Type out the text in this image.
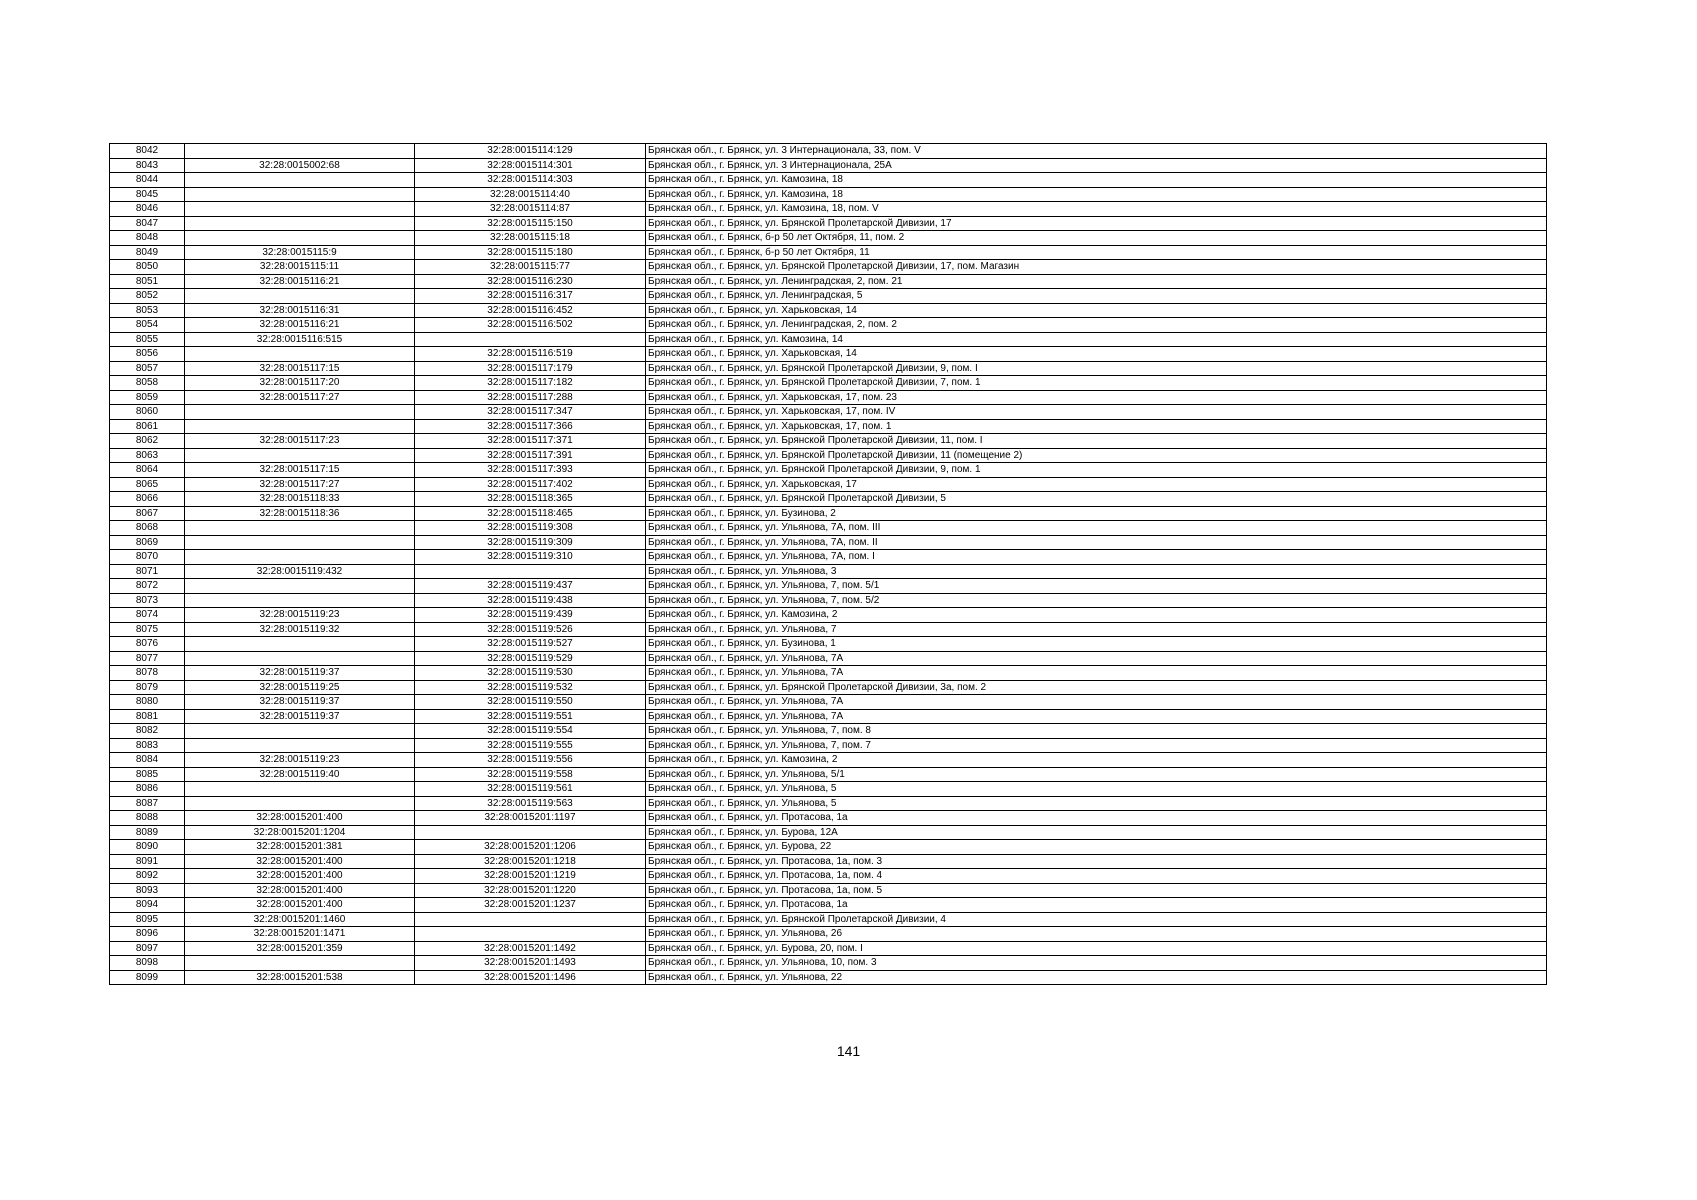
8042		32:28:0015114:129	Брянская обл., г. Брянск, ул. 3 Интернационала, 33, пом. V
8043	32:28:0015002:68	32:28:0015114:301	Брянская обл., г. Брянск, ул. 3 Интернационала, 25А
8044		32:28:0015114:303	Брянская обл., г. Брянск, ул. Камозина, 18
8045		32:28:0015114:40	Брянская обл., г. Брянск, ул. Камозина, 18
8046		32:28:0015114:87	Брянская обл., г. Брянск, ул. Камозина, 18, пом. V
8047		32:28:0015115:150	Брянская обл., г. Брянск, ул. Брянской Пролетарской Дивизии, 17
8048		32:28:0015115:18	Брянская обл., г. Брянск, б-р 50 лет Октября, 11, пом. 2
8049	32:28:0015115:9	32:28:0015115:180	Брянская обл., г. Брянск, б-р 50 лет Октября, 11
8050	32:28:0015115:11	32:28:0015115:77	Брянская обл., г. Брянск, ул. Брянской Пролетарской Дивизии, 17, пом. Магазин
8051	32:28:0015116:21	32:28:0015116:230	Брянская обл., г. Брянск, ул. Ленинградская, 2, пом. 21
8052		32:28:0015116:317	Брянская обл., г. Брянск, ул. Ленинградская, 5
8053	32:28:0015116:31	32:28:0015116:452	Брянская обл., г. Брянск, ул. Харьковская, 14
8054	32:28:0015116:21	32:28:0015116:502	Брянская обл., г. Брянск, ул. Ленинградская, 2, пом. 2
8055	32:28:0015116:515		Брянская обл., г. Брянск, ул. Камозина, 14
8056		32:28:0015116:519	Брянская обл., г. Брянск, ул. Харьковская, 14
8057	32:28:0015117:15	32:28:0015117:179	Брянская обл., г. Брянск, ул. Брянской Пролетарской Дивизии, 9, пом. I
8058	32:28:0015117:20	32:28:0015117:182	Брянская обл., г. Брянск, ул. Брянской Пролетарской Дивизии, 7, пом. 1
8059	32:28:0015117:27	32:28:0015117:288	Брянская обл., г. Брянск, ул. Харьковская, 17, пом. 23
8060		32:28:0015117:347	Брянская обл., г. Брянск, ул. Харьковская, 17, пом. IV
8061		32:28:0015117:366	Брянская обл., г. Брянск, ул. Харьковская, 17, пом. 1
8062	32:28:0015117:23	32:28:0015117:371	Брянская обл., г. Брянск, ул. Брянской Пролетарской Дивизии, 11, пом. I
8063		32:28:0015117:391	Брянская обл., г. Брянск, ул. Брянской Пролетарской Дивизии, 11 (помещение 2)
8064	32:28:0015117:15	32:28:0015117:393	Брянская обл., г. Брянск, ул. Брянской Пролетарской Дивизии, 9, пом. 1
8065	32:28:0015117:27	32:28:0015117:402	Брянская обл., г. Брянск, ул. Харьковская, 17
8066	32:28:0015118:33	32:28:0015118:365	Брянская обл., г. Брянск, ул. Брянской Пролетарской Дивизии, 5
8067	32:28:0015118:36	32:28:0015118:465	Брянская обл., г. Брянск, ул. Бузинова, 2
8068		32:28:0015119:308	Брянская обл., г. Брянск, ул. Ульянова, 7А, пом. III
8069		32:28:0015119:309	Брянская обл., г. Брянск, ул. Ульянова, 7А, пом. II
8070		32:28:0015119:310	Брянская обл., г. Брянск, ул. Ульянова, 7А, пом. I
8071	32:28:0015119:432		Брянская обл., г. Брянск, ул. Ульянова, 3
8072		32:28:0015119:437	Брянская обл., г. Брянск, ул. Ульянова, 7, пом. 5/1
8073		32:28:0015119:438	Брянская обл., г. Брянск, ул. Ульянова, 7, пом. 5/2
8074	32:28:0015119:23	32:28:0015119:439	Брянская обл., г. Брянск, ул. Камозина, 2
8075	32:28:0015119:32	32:28:0015119:526	Брянская обл., г. Брянск, ул. Ульянова, 7
8076		32:28:0015119:527	Брянская обл., г. Брянск, ул. Бузинова, 1
8077		32:28:0015119:529	Брянская обл., г. Брянск, ул. Ульянова, 7А
8078	32:28:0015119:37	32:28:0015119:530	Брянская обл., г. Брянск, ул. Ульянова, 7А
8079	32:28:0015119:25	32:28:0015119:532	Брянская обл., г. Брянск, ул. Брянской Пролетарской Дивизии, 3а, пом. 2
8080	32:28:0015119:37	32:28:0015119:550	Брянская обл., г. Брянск, ул. Ульянова, 7А
8081	32:28:0015119:37	32:28:0015119:551	Брянская обл., г. Брянск, ул. Ульянова, 7А
8082		32:28:0015119:554	Брянская обл., г. Брянск, ул. Ульянова, 7, пом. 8
8083		32:28:0015119:555	Брянская обл., г. Брянск, ул. Ульянова, 7, пом. 7
8084	32:28:0015119:23	32:28:0015119:556	Брянская обл., г. Брянск, ул. Камозина, 2
8085	32:28:0015119:40	32:28:0015119:558	Брянская обл., г. Брянск, ул. Ульянова, 5/1
8086		32:28:0015119:561	Брянская обл., г. Брянск, ул. Ульянова, 5
8087		32:28:0015119:563	Брянская обл., г. Брянск, ул. Ульянова, 5
8088	32:28:0015201:400	32:28:0015201:1197	Брянская обл., г. Брянск, ул. Протасова, 1а
8089	32:28:0015201:1204		Брянская обл., г. Брянск, ул. Бурова, 12А
8090	32:28:0015201:381	32:28:0015201:1206	Брянская обл., г. Брянск, ул. Бурова, 22
8091	32:28:0015201:400	32:28:0015201:1218	Брянская обл., г. Брянск, ул. Протасова, 1а, пом. 3
8092	32:28:0015201:400	32:28:0015201:1219	Брянская обл., г. Брянск, ул. Протасова, 1а, пом. 4
8093	32:28:0015201:400	32:28:0015201:1220	Брянская обл., г. Брянск, ул. Протасова, 1а, пом. 5
8094	32:28:0015201:400	32:28:0015201:1237	Брянская обл., г. Брянск, ул. Протасова, 1а
8095	32:28:0015201:1460		Брянская обл., г. Брянск, ул. Брянской Пролетарской Дивизии, 4
8096	32:28:0015201:1471		Брянская обл., г. Брянск, ул. Ульянова, 26
8097	32:28:0015201:359	32:28:0015201:1492	Брянская обл., г. Брянск, ул. Бурова, 20, пом. I
8098		32:28:0015201:1493	Брянская обл., г. Брянск, ул. Ульянова, 10, пом. 3
8099	32:28:0015201:538	32:28:0015201:1496	Брянская обл., г. Брянск, ул. Ульянова, 22
141
